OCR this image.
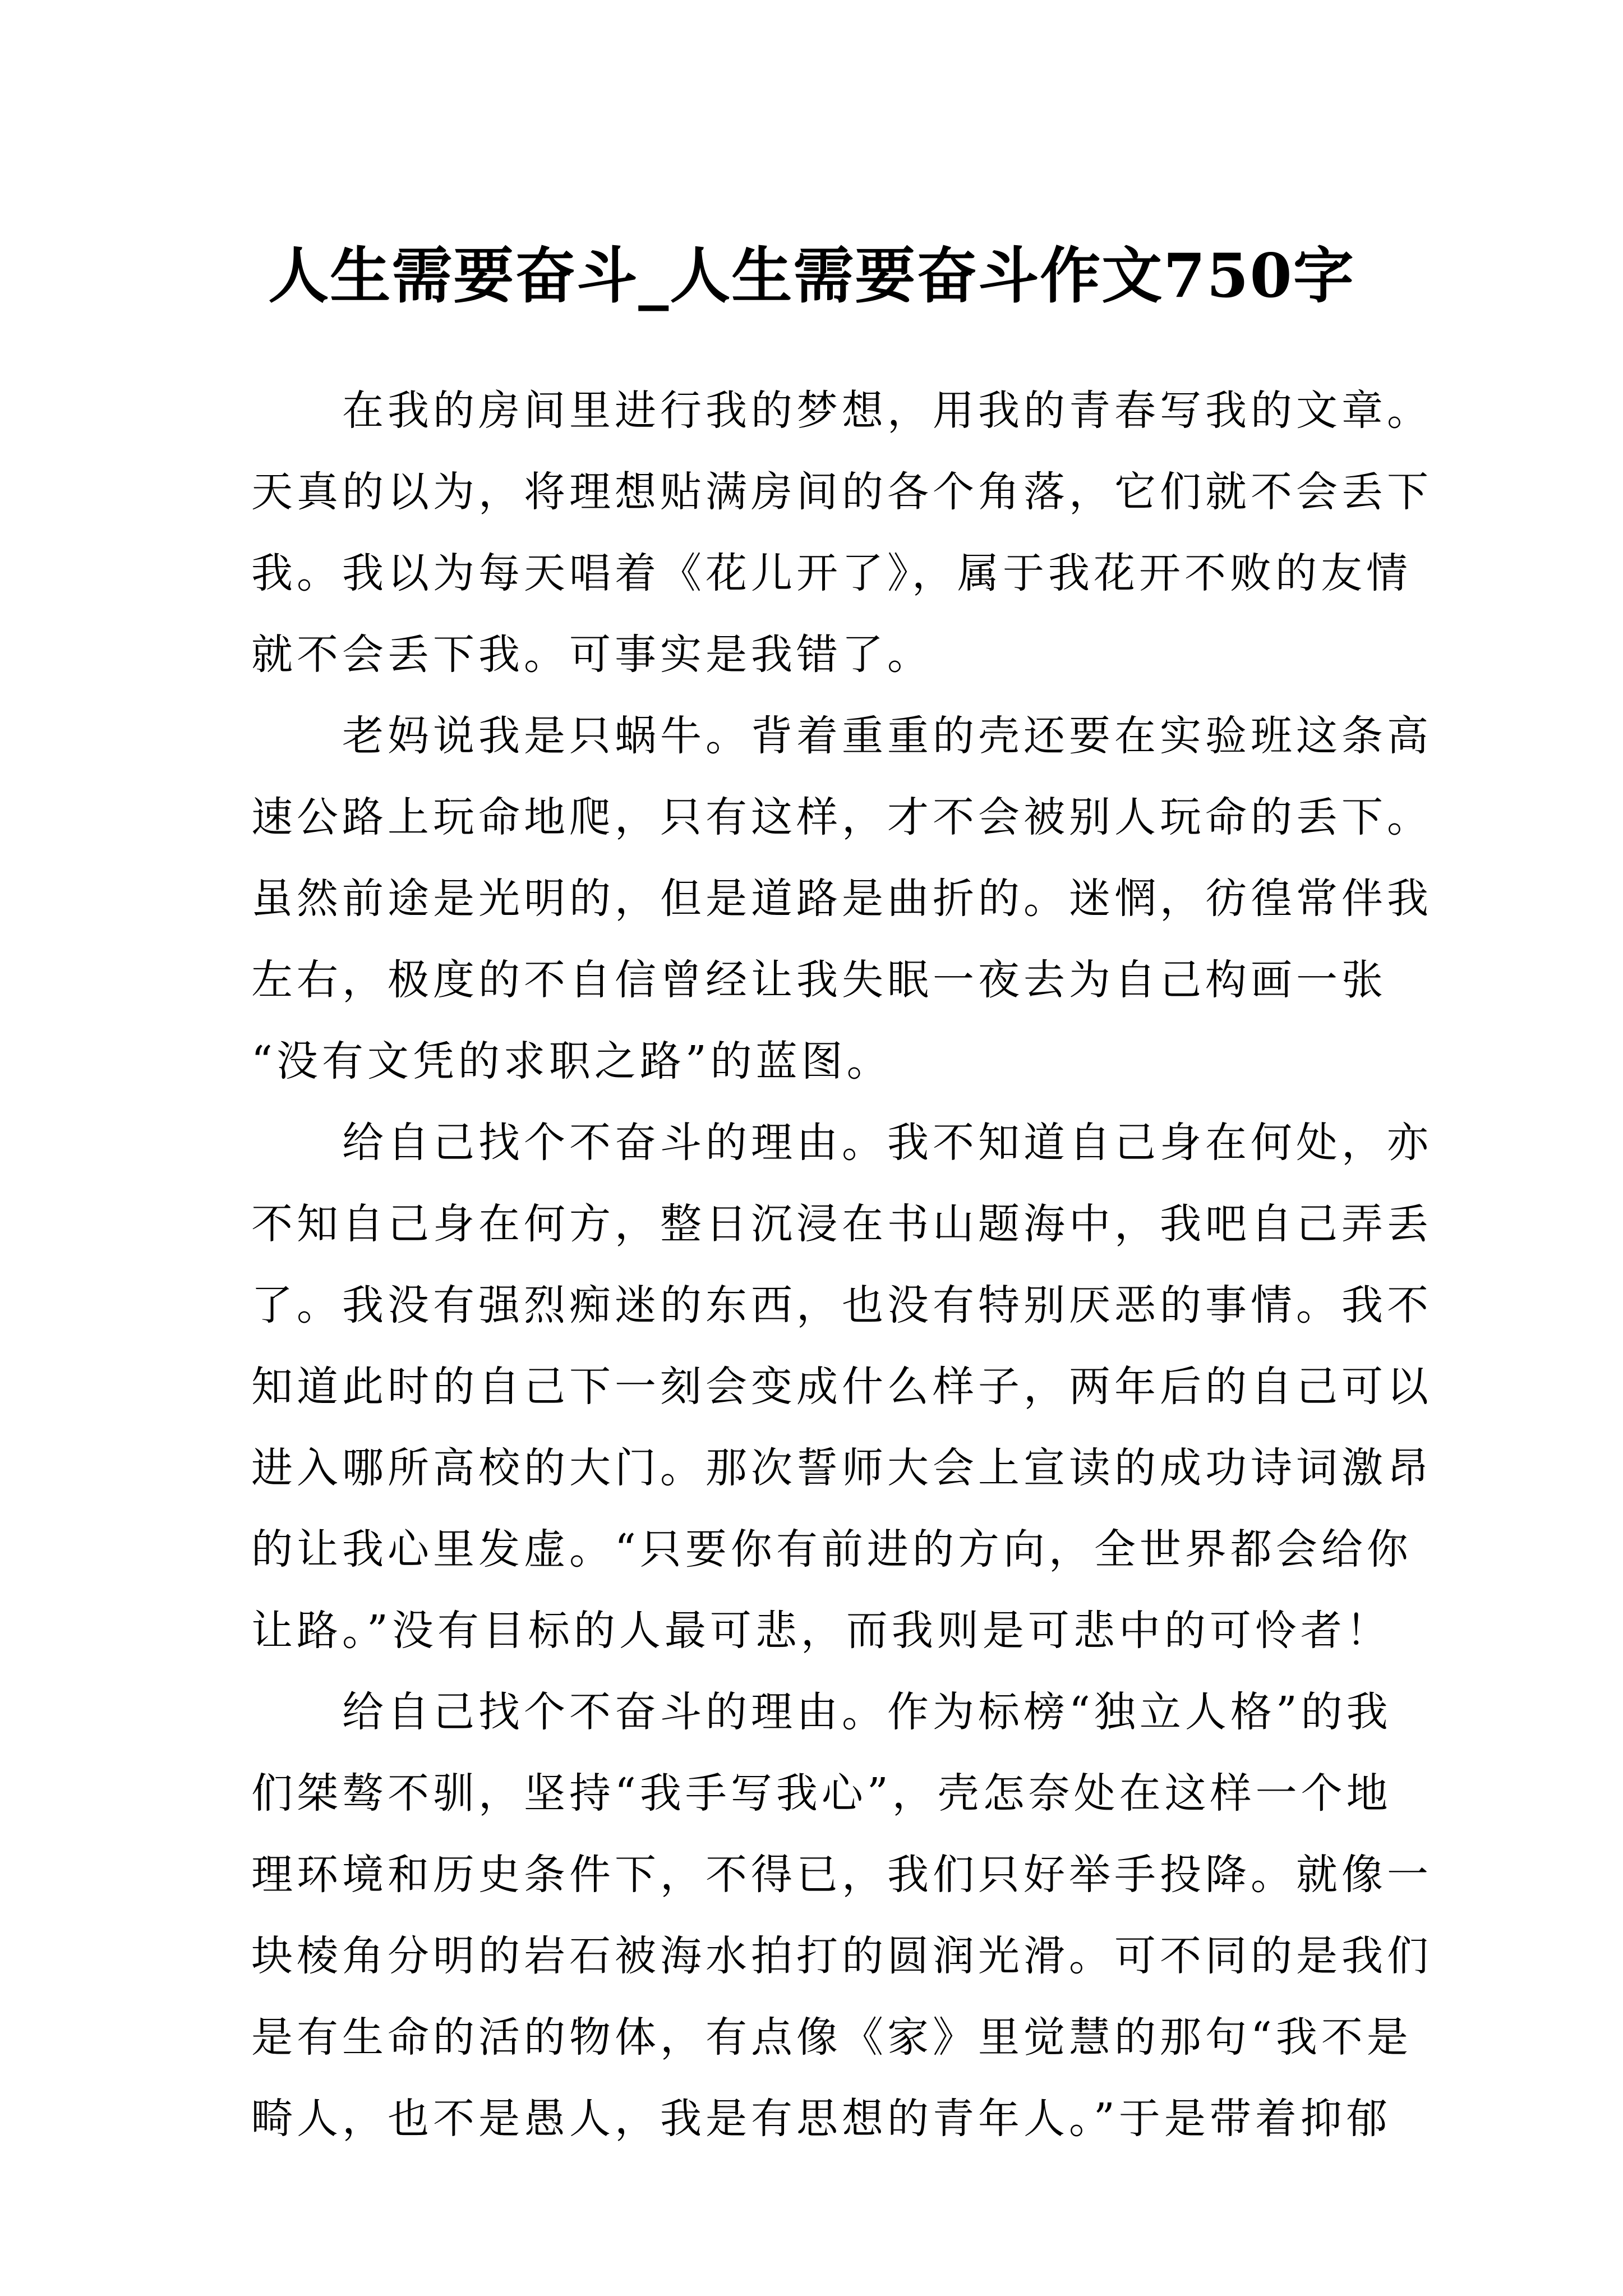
人生需要奋斗_人生需要奋斗作文750字

在我的房间里进行我的梦想，用我的青春写我的文章。
天真的以为，将理想贴满房间的各个角落，它们就不会丢下
我。我以为每天唱着《花儿开了》，属于我花开不败的友情
就不会丢下我。可事实是我错了。

老妈说我是只蜗牛。背着重重的壳还要在实验班这条高
速公路上玩命地爬，只有这样，才不会被别人玩命的丢下。
虽然前途是光明的，但是道路是曲折的。迷惘，彷徨常伴我
左右，极度的不自信曾经让我失眠一夜去为自己构画一张
“没有文凭的求职之路”的蓝图。

给自己找个不奋斗的理由。我不知道自己身在何处，亦
不知自己身在何方，整日沉浸在书山题海中，我吧自己弄丢
了。我没有强烈痴迷的东西，也没有特别厌恶的事情。我不
知道此时的自己下一刻会变成什么样子，两年后的自己可以
进入哪所高校的大门。那次誓师大会上宣读的成功诗词激昂
的让我心里发虚。“只要你有前进的方向，全世界都会给你
让路。”没有目标的人最可悲，而我则是可悲中的可怜者！

给自己找个不奋斗的理由。作为标榜“独立人格”的我
们桀骜不驯，坚持“我手写我心”，壳怎奈处在这样一个地
理环境和历史条件下，不得已，我们只好举手投降。就像一
块棱角分明的岩石被海水拍打的圆润光滑。可不同的是我们
是有生命的活的物体，有点像《家》里觉慧的那句“我不是
畸人，也不是愚人，我是有思想的青年人。”于是带着抑郁
